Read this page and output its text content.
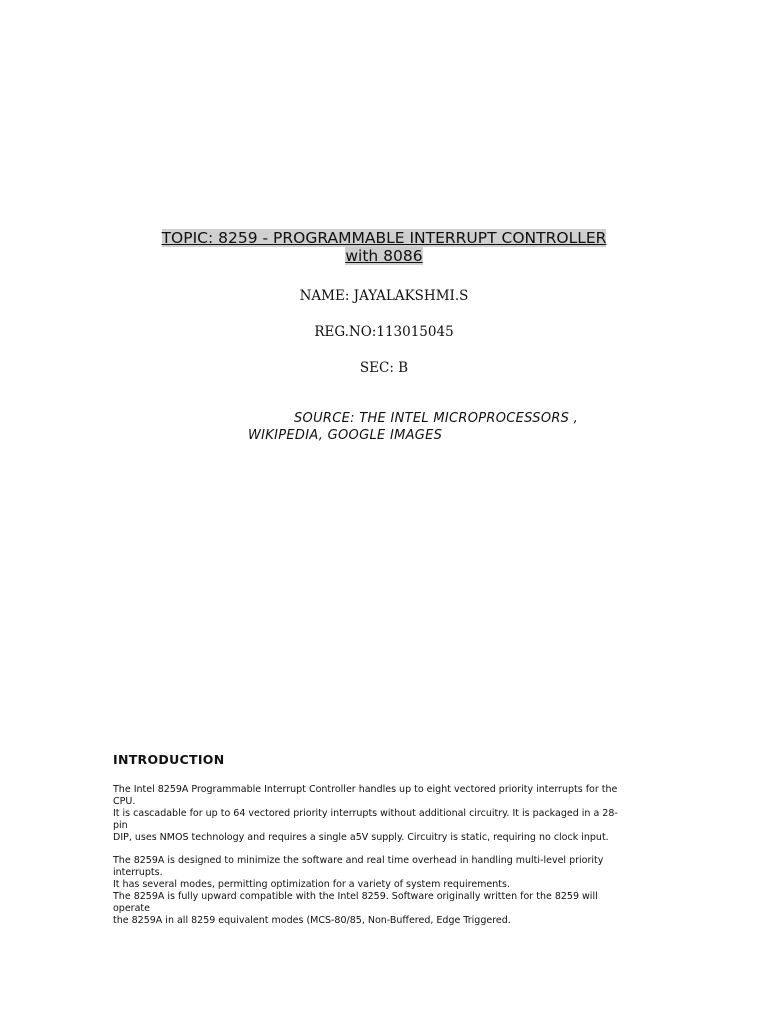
TOPIC: 8259 - PROGRAMMABLE INTERRUPT CONTROLLER
with 8086
NAME: JAYALAKSHMI.S
REG.NO:113015045
SEC: B
SOURCE: THE INTEL MICROPROCESSORS ,
WIKIPEDIA, GOOGLE IMAGES
INTRODUCTION
The Intel 8259A Programmable Interrupt Controller handles up to eight vectored priority interrupts for the
CPU.
It is cascadable for up to 64 vectored priority interrupts without additional circuitry. It is packaged in a 28-
pin
DIP, uses NMOS technology and requires a single a5V supply. Circuitry is static, requiring no clock input.
The 8259A is designed to minimize the software and real time overhead in handling multi-level priority
interrupts.
It has several modes, permitting optimization for a variety of system requirements.
The 8259A is fully upward compatible with the Intel 8259. Software originally written for the 8259 will
operate
the 8259A in all 8259 equivalent modes (MCS-80/85, Non-Buffered, Edge Triggered.
